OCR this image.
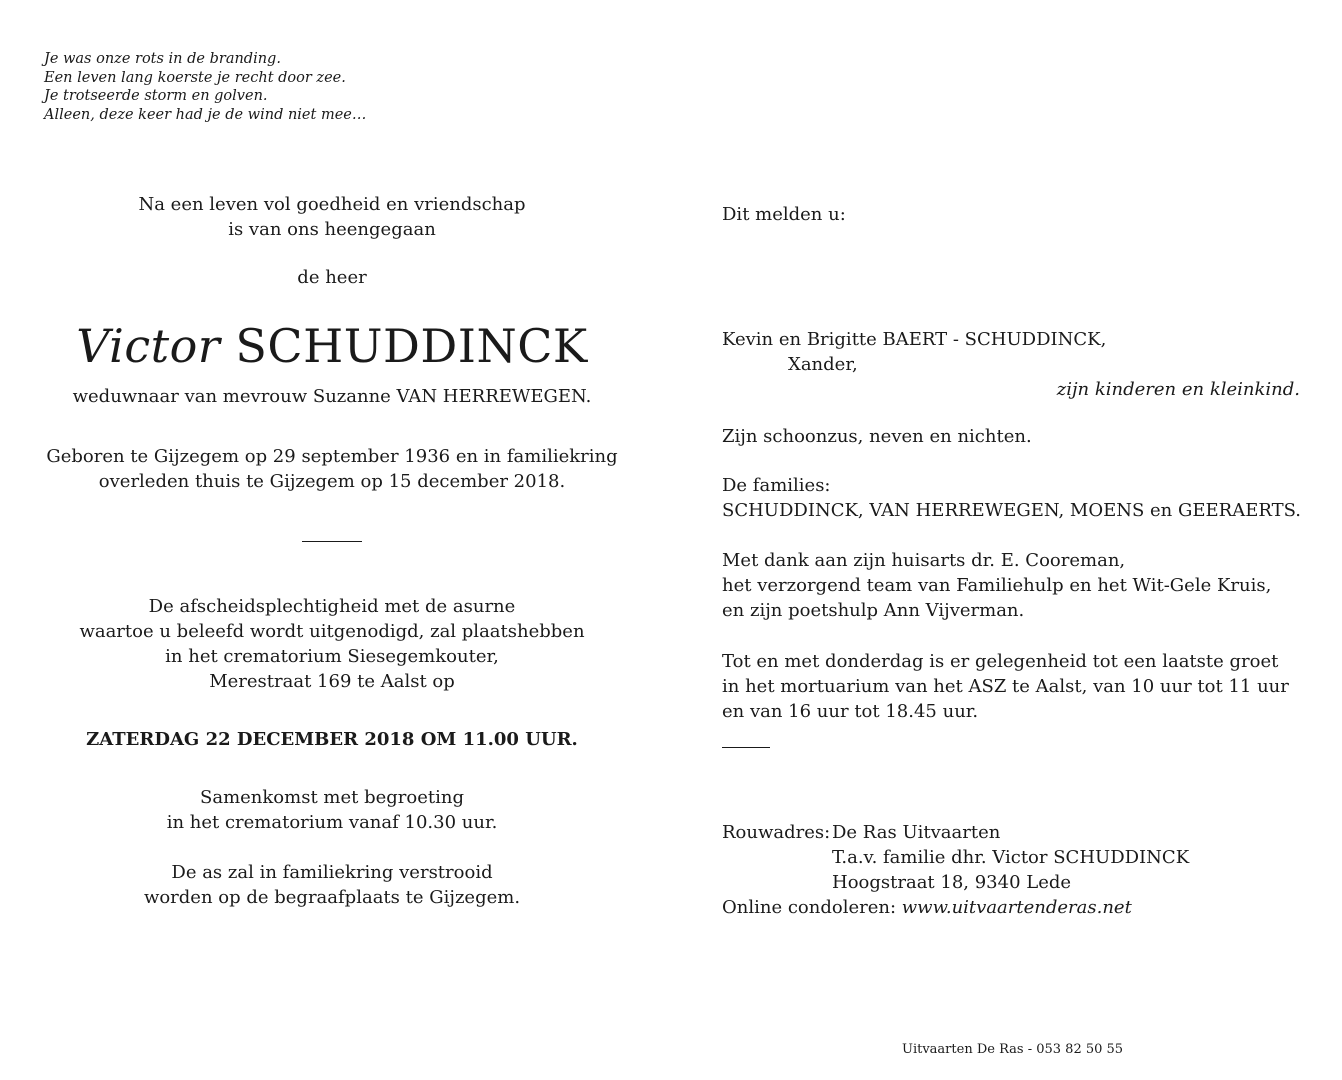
Je was onze rots in de branding.
Een leven lang koerste je recht door zee.
Je trotseerde storm en golven.
Alleen, deze keer had je de wind niet mee…
Na een leven vol goedheid en vriendschap
is van ons heengegaan
de heer
Victor SCHUDDINCK
weduwnaar van mevrouw Suzanne VAN HERREWEGEN.
Geboren te Gijzegem op 29 september 1936 en in familiekring
overleden thuis te Gijzegem op 15 december 2018.
De afscheidsplechtigheid met de asurne
waartoe u beleefd wordt uitgenodigd, zal plaatshebben
in het crematorium Siesegemkouter,
Merestraat 169 te Aalst op
ZATERDAG 22 DECEMBER 2018 OM 11.00 UUR.
Samenkomst met begroeting
in het crematorium vanaf 10.30 uur.
De as zal in familiekring verstrooid
worden op de begraafplaats te Gijzegem.
Dit melden u:
Kevin en Brigitte BAERT - SCHUDDINCK,
Xander,
zijn kinderen en kleinkind.
Zijn schoonzus, neven en nichten.
De families:
SCHUDDINCK, VAN HERREWEGEN, MOENS en GEERAERTS.
Met dank aan zijn huisarts dr. E. Cooreman,
het verzorgend team van Familiehulp en het Wit-Gele Kruis,
en zijn poetshulp Ann Vijverman.
Tot en met donderdag is er gelegenheid tot een laatste groet
in het mortuarium van het ASZ te Aalst, van 10 uur tot 11 uur
en van 16 uur tot 18.45 uur.
Rouwadres: De Ras Uitvaarten
T.a.v. familie dhr. Victor SCHUDDINCK
Hoogstraat 18, 9340 Lede
Online condoleren:
www.uitvaartenderas.net
Uitvaarten De Ras - 053 82 50 55
